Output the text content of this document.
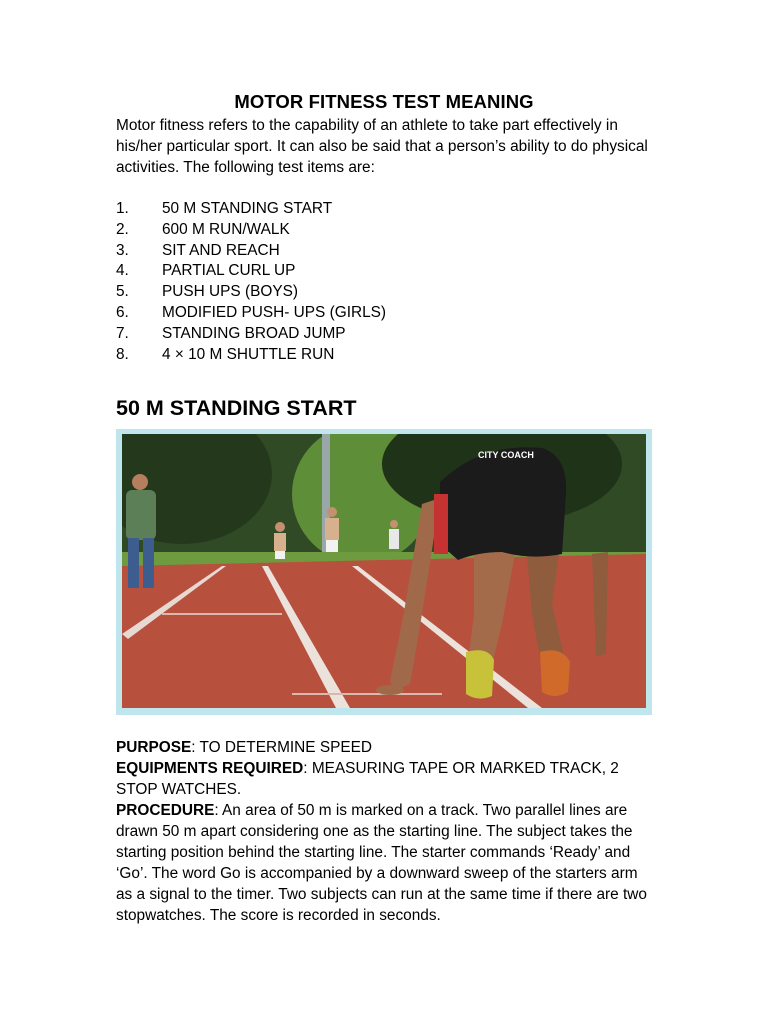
MOTOR FITNESS TEST MEANING

Motor fitness refers to the capability of an athlete to take part effectively in his/her particular sport. It can also be said that a person’s ability to do physical activities. The following test items are:

1.	50 M STANDING START
2.	600 M RUN/WALK
3.	SIT AND REACH
4.	PARTIAL CURL UP
5.	PUSH UPS (BOYS)
6.	MODIFIED PUSH- UPS (GIRLS)
7.	STANDING BROAD JUMP
8.	4 × 10 M SHUTTLE RUN
50 M STANDING START
CITY COACH

PURPOSE: TO DETERMINE SPEED

EQUIPMENTS REQUIRED: MEASURING TAPE OR MARKED TRACK, 2 STOP WATCHES.

PROCEDURE: An area of 50 m is marked on a track. Two parallel lines are drawn 50 m apart considering one as the starting line. The subject takes the starting position behind the starting line. The starter commands ‘Ready’ and ‘Go’. The word Go is accompanied by a downward sweep of the starters arm as a signal to the timer. Two subjects can run at the same time if there are two stopwatches. The score is recorded in seconds.
